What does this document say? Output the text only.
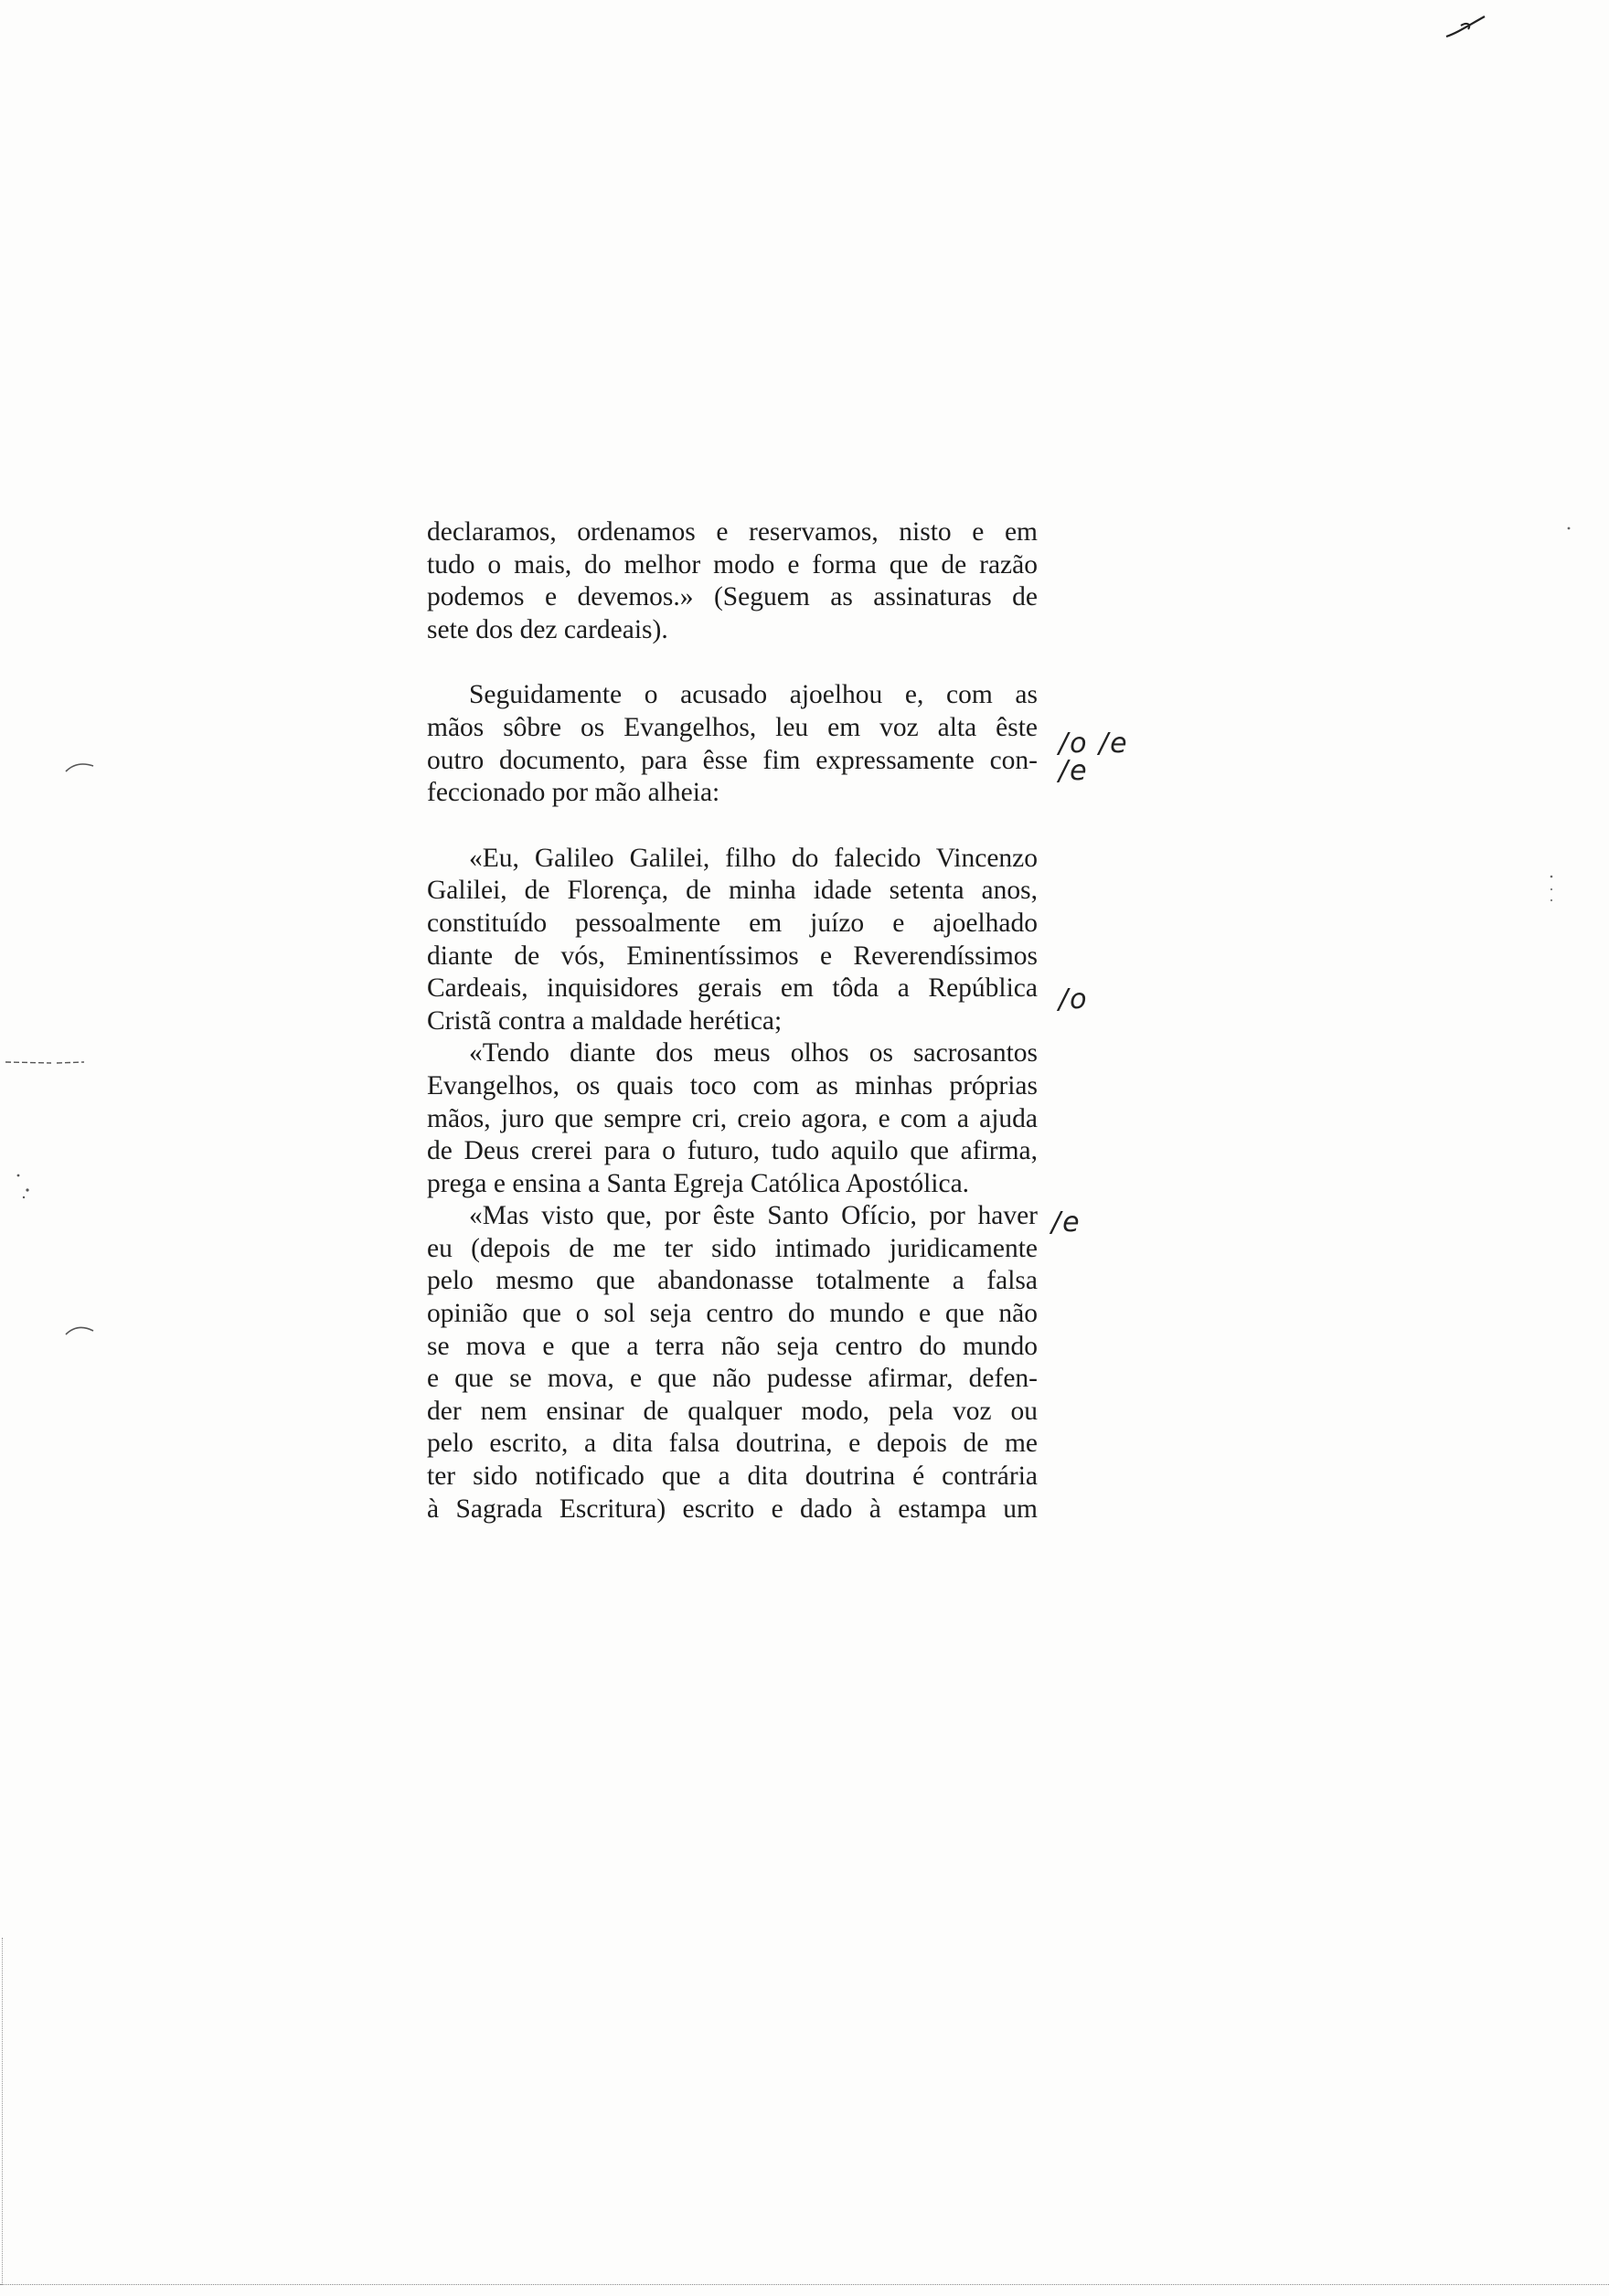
declaramos, ordenamos e reservamos, nisto e em
tudo o mais, do melhor modo e forma que de razão
podemos e devemos.» (Seguem as assinaturas de
sete dos dez cardeais).
Seguidamente o acusado ajoelhou e, com as
mãos sôbre os Evangelhos, leu em voz alta êste
outro documento, para êsse fim expressamente con-
feccionado por mão alheia:
«Eu, Galileo Galilei, filho do falecido Vincenzo
Galilei, de Florença, de minha idade setenta anos,
constituído pessoalmente em juízo e ajoelhado
diante de vós, Eminentíssimos e Reverendíssimos
Cardeais, inquisidores gerais em tôda a República
Cristã contra a maldade herética;
«Tendo diante dos meus olhos os sacrosantos
Evangelhos, os quais toco com as minhas próprias
mãos, juro que sempre cri, creio agora, e com a ajuda
de Deus crerei para o futuro, tudo aquilo que afirma,
prega e ensina a Santa Egreja Católica Apostólica.
«Mas visto que, por êste Santo Ofício, por haver
eu (depois de me ter sido intimado juridicamente
pelo mesmo que abandonasse totalmente a falsa
opinião que o sol seja centro do mundo e que não
se mova e que a terra não seja centro do mundo
e que se mova, e que não pudesse afirmar, defen-
der nem ensinar de qualquer modo, pela voz ou
pelo escrito, a dita falsa doutrina, e depois de me
ter sido notificado que a dita doutrina é contrária
à Sagrada Escritura) escrito e dado à estampa um
/o /e
/e
/o
/e
